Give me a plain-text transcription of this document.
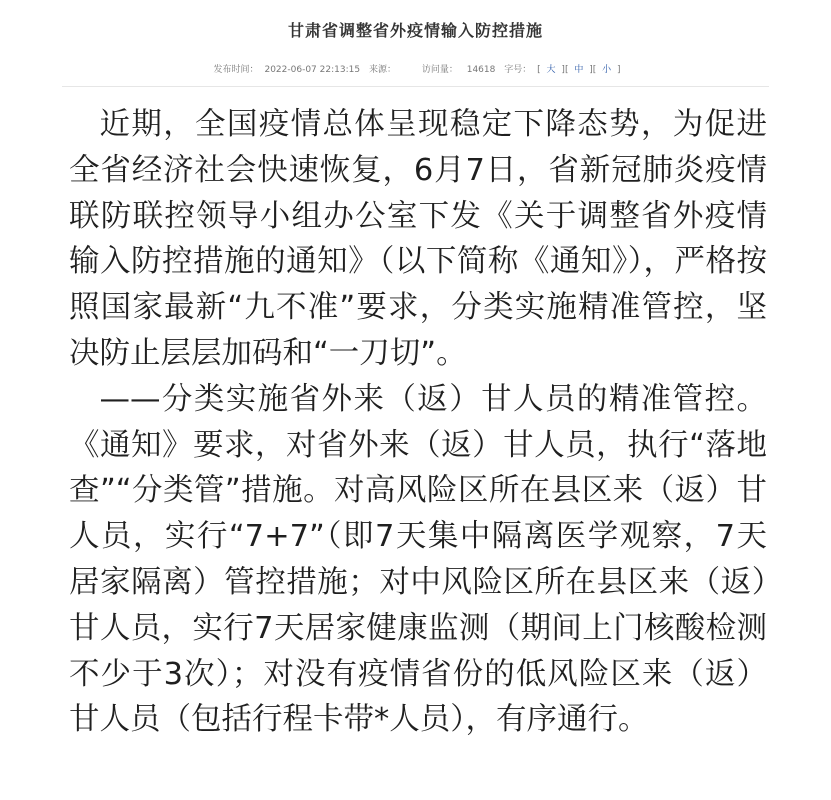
甘肃省调整省外疫情输入防控措施
发布时间： 2022-06-07 22:13:15 来源：	访问量： 14618 字号： [ 大 ][ 中 ][ 小 ]

近期，全国疫情总体呈现稳定下降态势，为促进全省经济社会快速恢复，6月7日，省新冠肺炎疫情联防联控领导小组办公室下发《关于调整省外疫情输入防控措施的通知》（以下简称《通知》），严格按照国家最新“九不准”要求，分类实施精准管控，坚决防止层层加码和“一刀切”。

——分类实施省外来（返）甘人员的精准管控。《通知》要求，对省外来（返）甘人员，执行“落地查”“分类管”措施。对高风险区所在县区来（返）甘人员，实行“7+7”（即7天集中隔离医学观察，7天居家隔离）管控措施；对中风险区所在县区来（返）甘人员，实行7天居家健康监测（期间上门核酸检测不少于3次）；对没有疫情省份的低风险区来（返）甘人员（包括行程卡带*人员），有序通行。
